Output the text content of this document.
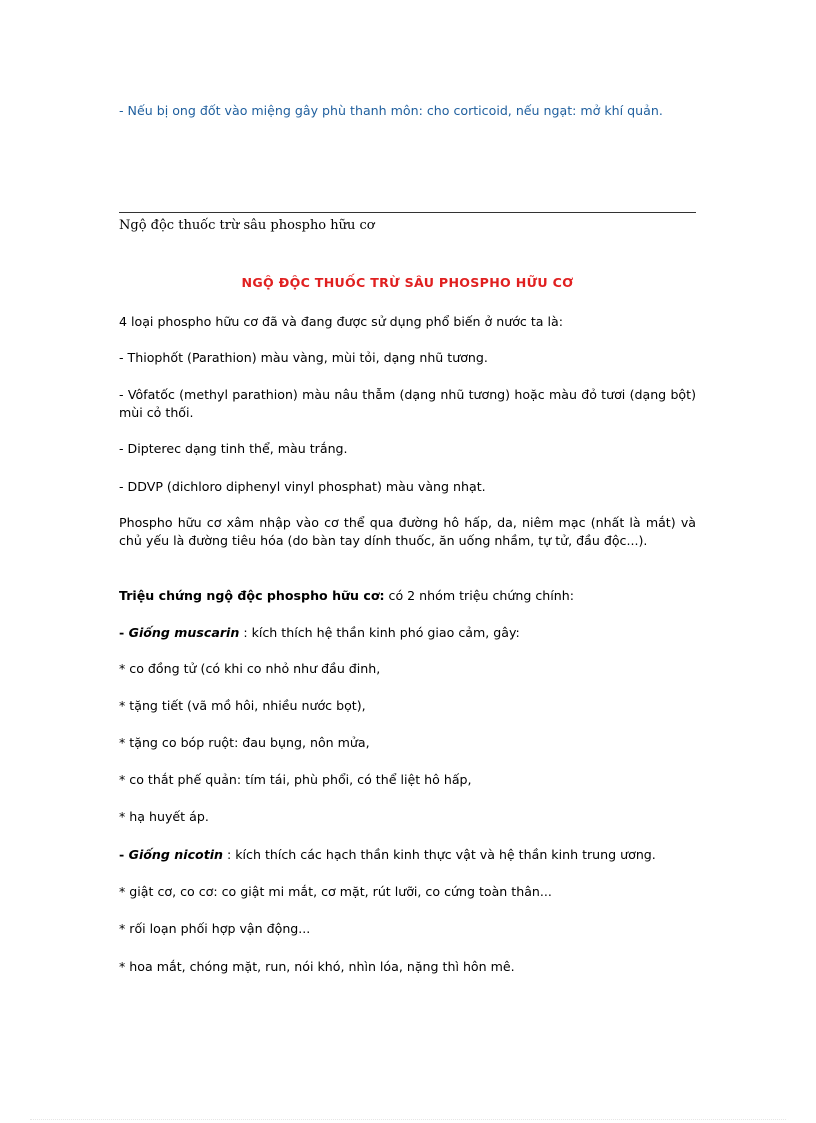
- Nếu bị ong đốt vào miệng gây phù thanh môn: cho corticoid, nếu ngạt: mở khí quản.

Ngộ độc thuốc trừ sâu phospho hữu cơ

NGỘ ĐỘC THUỐC TRỪ SÂU PHOSPHO HỮU CƠ

4 loại phospho hữu cơ đã và đang được sử dụng phổ biến ở nước ta là:

- Thiophốt (Parathion) màu vàng, mùi tỏi, dạng nhũ tương.

- Vôfatốc (methyl parathion) màu nâu thẫm (dạng nhũ tương) hoặc màu đỏ tươi (dạng bột) mùi cỏ thối.

- Dipterec dạng tinh thể, màu trắng.

- DDVP (dichloro diphenyl vinyl phosphat) màu vàng nhạt.

Phospho hữu cơ xâm nhập vào cơ thể qua đường hô hấp, da, niêm mạc (nhất là mắt) và chủ yếu là đường tiêu hóa (do bàn tay dính thuốc, ăn uống nhầm, tự tử, đầu độc...).

Triệu chứng ngộ độc phospho hữu cơ: có 2 nhóm triệu chứng chính:

- Giống muscarin : kích thích hệ thần kinh phó giao cảm, gây:

* co đồng tử (có khi co nhỏ như đầu đinh,

* tặng tiết (vã mồ hôi, nhiều nước bọt),

* tặng co bóp ruột: đau bụng, nôn mửa,

* co thắt phế quản: tím tái, phù phổi, có thể liệt hô hấp,

* hạ huyết áp.

- Giống nicotin : kích thích các hạch thần kinh thực vật và hệ thần kinh trung ương.

* giật cơ, co cơ: co giật mi mắt, cơ mặt, rút lưỡi, co cứng toàn thân...

* rối loạn phối hợp vận động...

* hoa mắt, chóng mặt, run, nói khó, nhìn lóa, nặng thì hôn mê.
